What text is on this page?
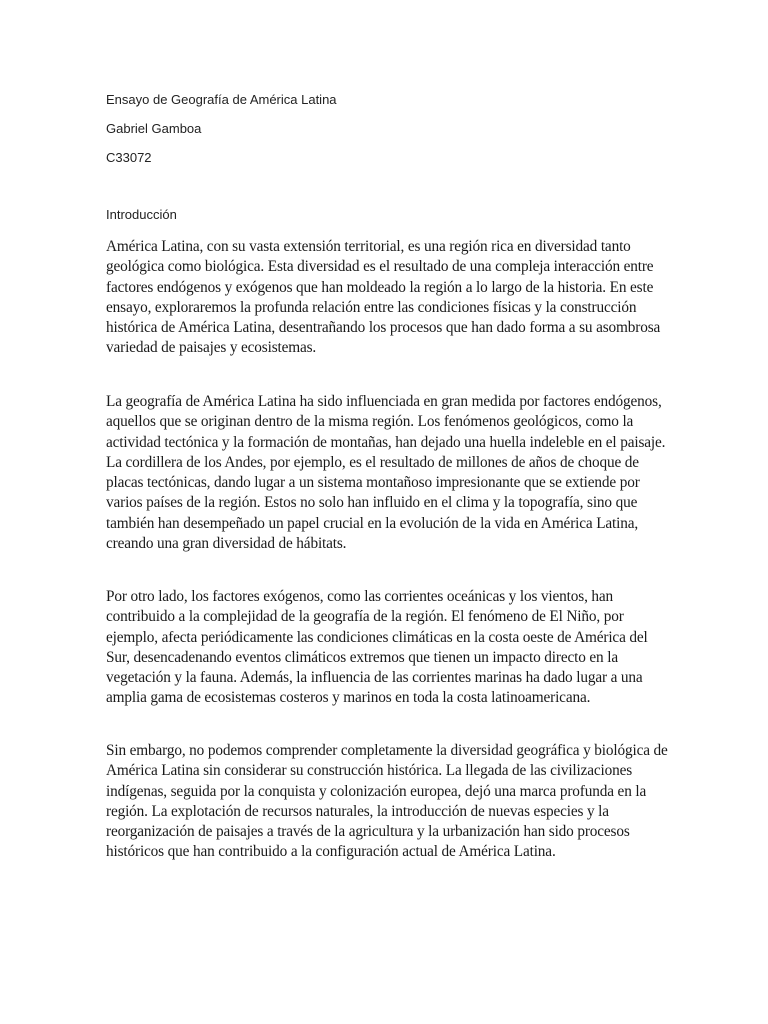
Ensayo de Geografía de América Latina
Gabriel Gamboa
C33072
Introducción

América Latina, con su vasta extensión territorial, es una región rica en diversidad tanto geológica como biológica. Esta diversidad es el resultado de una compleja interacción entre factores endógenos y exógenos que han moldeado la región a lo largo de la historia. En este ensayo, exploraremos la profunda relación entre las condiciones físicas y la construcción histórica de América Latina, desentrañando los procesos que han dado forma a su asombrosa variedad de paisajes y ecosistemas.

La geografía de América Latina ha sido influenciada en gran medida por factores endógenos, aquellos que se originan dentro de la misma región. Los fenómenos geológicos, como la actividad tectónica y la formación de montañas, han dejado una huella indeleble en el paisaje. La cordillera de los Andes, por ejemplo, es el resultado de millones de años de choque de placas tectónicas, dando lugar a un sistema montañoso impresionante que se extiende por varios países de la región. Estos no solo han influido en el clima y la topografía, sino que también han desempeñado un papel crucial en la evolución de la vida en América Latina, creando una gran diversidad de hábitats.

Por otro lado, los factores exógenos, como las corrientes oceánicas y los vientos, han contribuido a la complejidad de la geografía de la región. El fenómeno de El Niño, por ejemplo, afecta periódicamente las condiciones climáticas en la costa oeste de América del Sur, desencadenando eventos climáticos extremos que tienen un impacto directo en la vegetación y la fauna. Además, la influencia de las corrientes marinas ha dado lugar a una amplia gama de ecosistemas costeros y marinos en toda la costa latinoamericana.

Sin embargo, no podemos comprender completamente la diversidad geográfica y biológica de América Latina sin considerar su construcción histórica. La llegada de las civilizaciones indígenas, seguida por la conquista y colonización europea, dejó una marca profunda en la región. La explotación de recursos naturales, la introducción de nuevas especies y la reorganización de paisajes a través de la agricultura y la urbanización han sido procesos históricos que han contribuido a la configuración actual de América Latina.
